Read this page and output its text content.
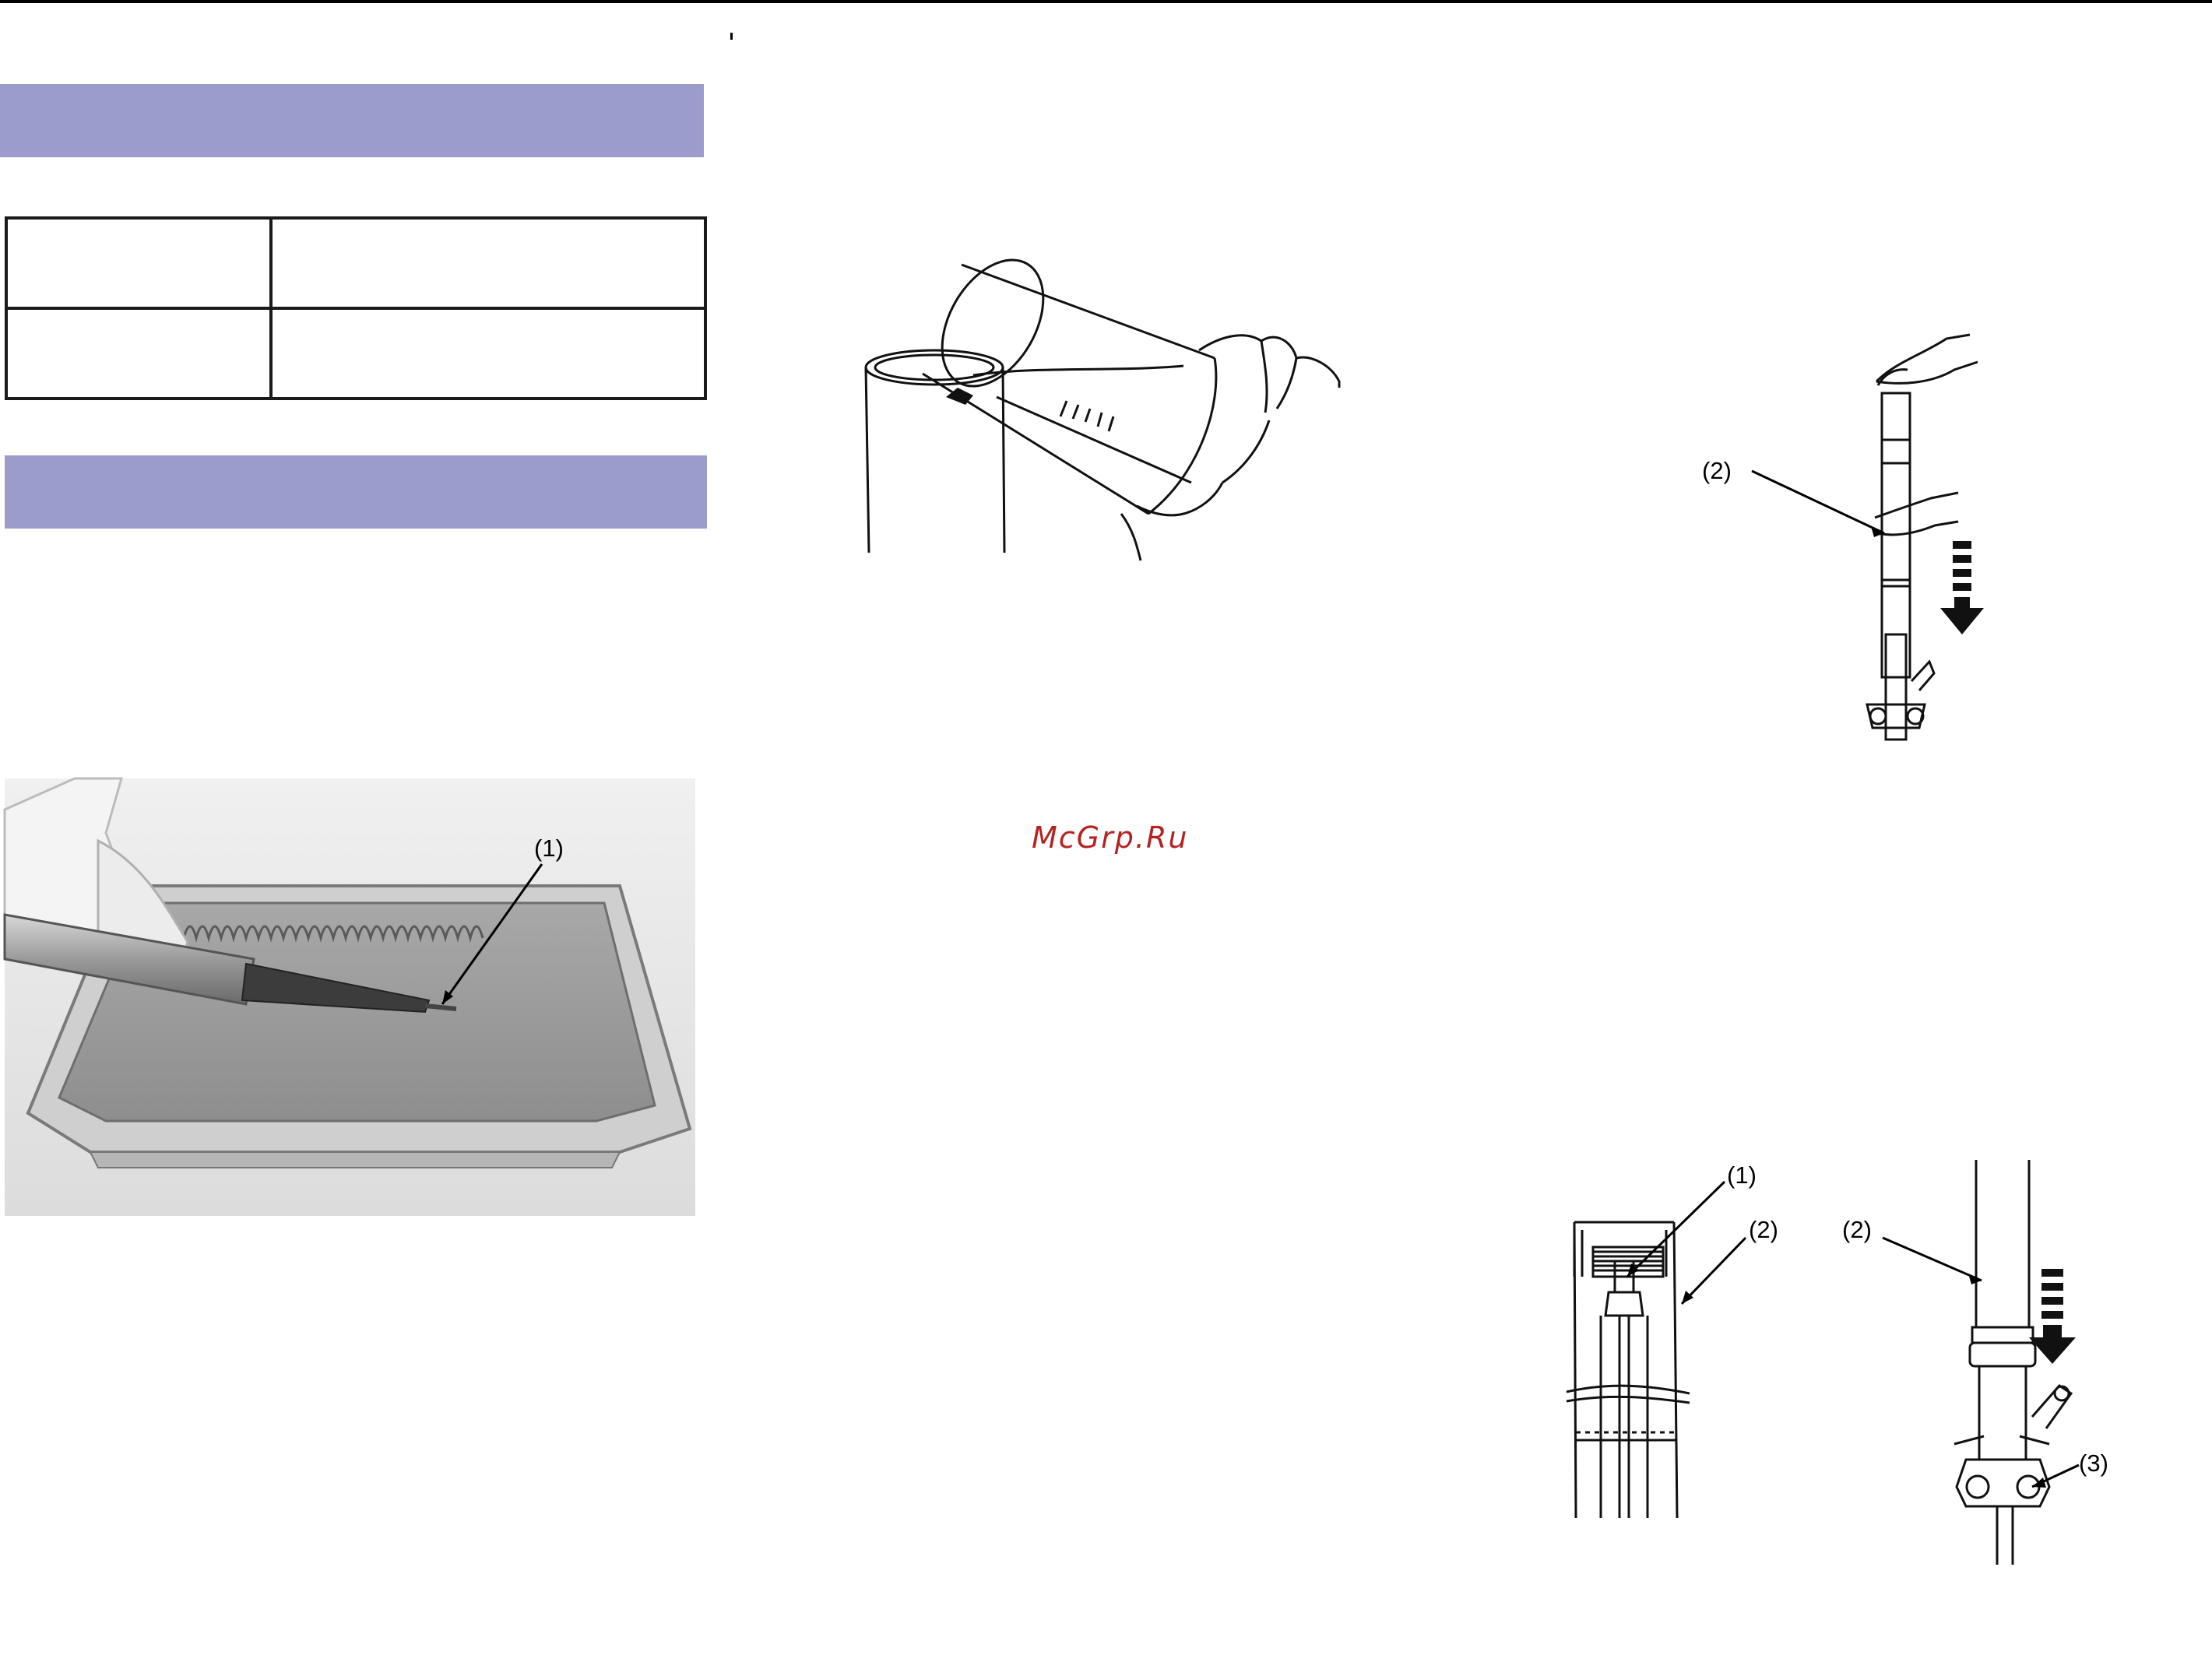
(1)	McGrp.Ru
(2)
(1)
(2)	(2)
(3)
